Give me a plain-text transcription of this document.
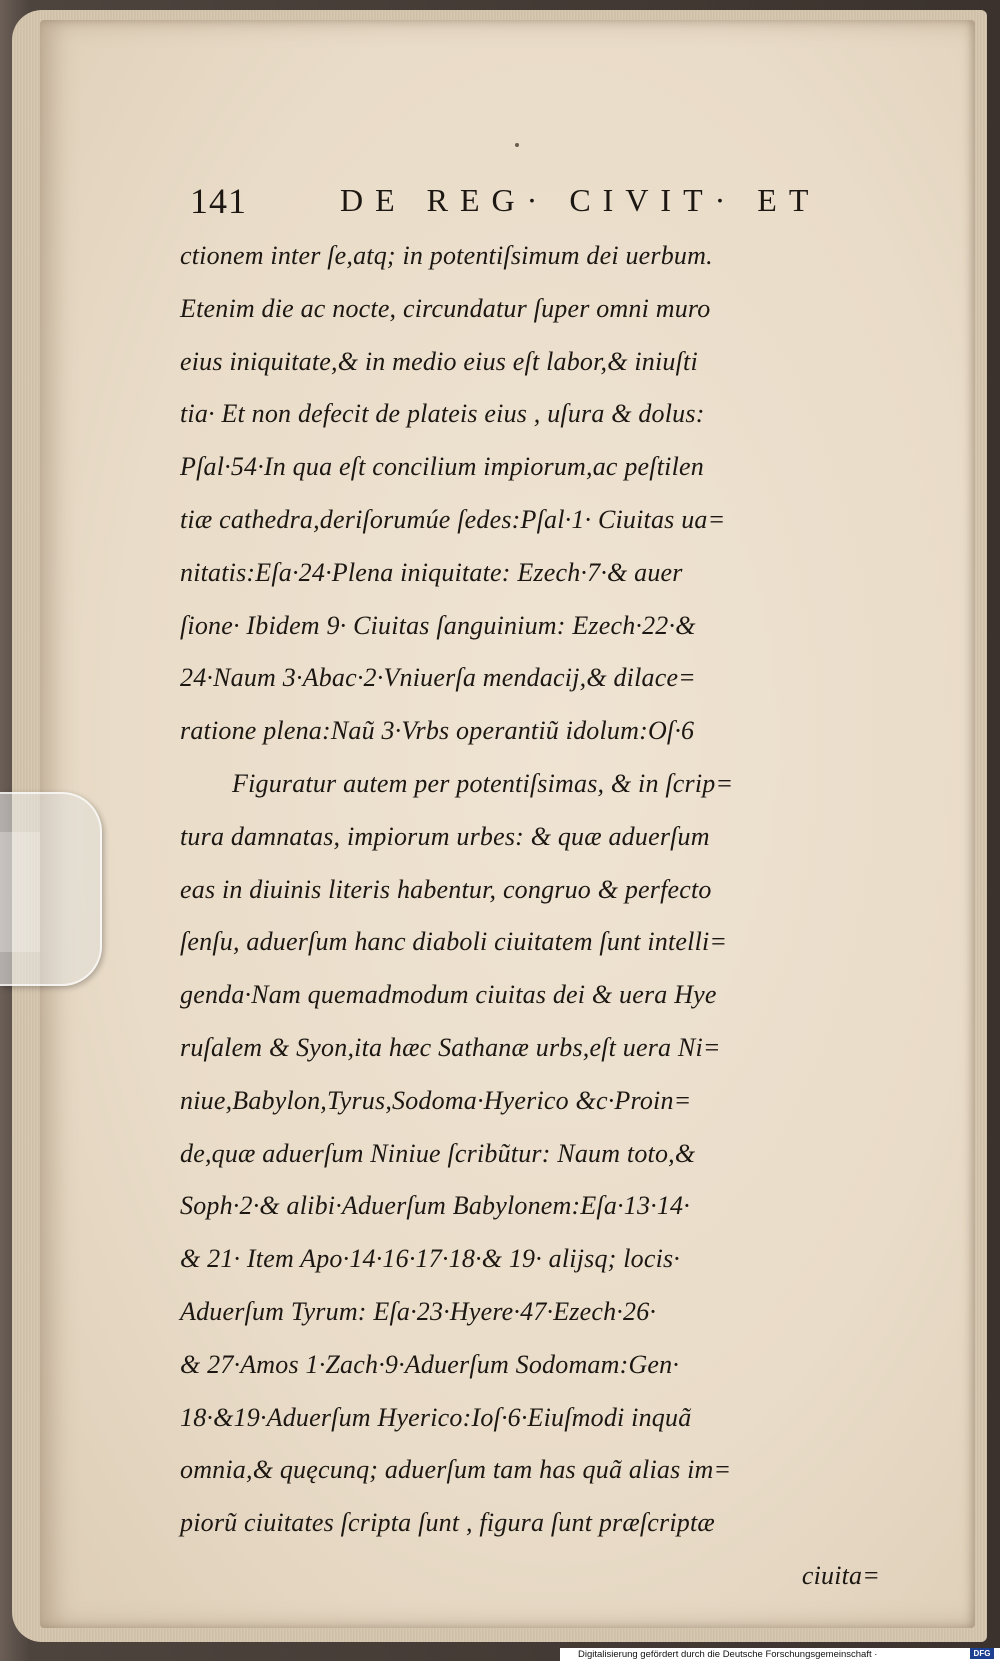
141	DE REG· CIVIT· ET
ctionem inter ſe,atq; in potentiſsimum dei uerbum.
Etenim die ac nocte, circundatur ſuper omni muro
eius iniquitate,& in medio eius eſt labor,& iniuſti
tia· Et non defecit de plateis eius , uſura & dolus:
Pſal·54·In qua eſt concilium impiorum,ac peſtilen
tiæ cathedra,deriſorumúe ſedes:Pſal·1· Ciuitas ua=
nitatis:Eſa·24·Plena iniquitate: Ezech·7·& auer
ſione· Ibidem 9· Ciuitas ſanguinium: Ezech·22·&
24·Naum 3·Abac·2·Vniuerſa mendacij,& dilace=
ratione plena:Naũ 3·Vrbs operantiũ idolum:Oſ·6
Figuratur autem per potentiſsimas, & in ſcrip=
tura damnatas, impiorum urbes: & quæ aduerſum
eas in diuinis literis habentur, congruo & perfecto
ſenſu, aduerſum hanc diaboli ciuitatem ſunt intelli=
genda·Nam quemadmodum ciuitas dei & uera Hye
ruſalem & Syon,ita hæc Sathanæ urbs,eſt uera Ni=
niue,Babylon,Tyrus,Sodoma·Hyerico &c·Proin=
de,quæ aduerſum Niniue ſcribũtur: Naum toto,&
Soph·2·& alibi·Aduerſum Babylonem:Eſa·13·14·
& 21· Item Apo·14·16·17·18·& 19· alijsq; locis·
Aduerſum Tyrum: Eſa·23·Hyere·47·Ezech·26·
& 27·Amos 1·Zach·9·Aduerſum Sodomam:Gen·
18·&19·Aduerſum Hyerico:Ioſ·6·Eiuſmodi inquã
omnia,& quęcunq; aduerſum tam has quã alias im=
piorũ ciuitates ſcripta ſunt , figura ſunt præſcriptæ
ciuita=
Digitalisierung gefördert durch die Deutsche Forschungsgemeinschaft ·	DFG
